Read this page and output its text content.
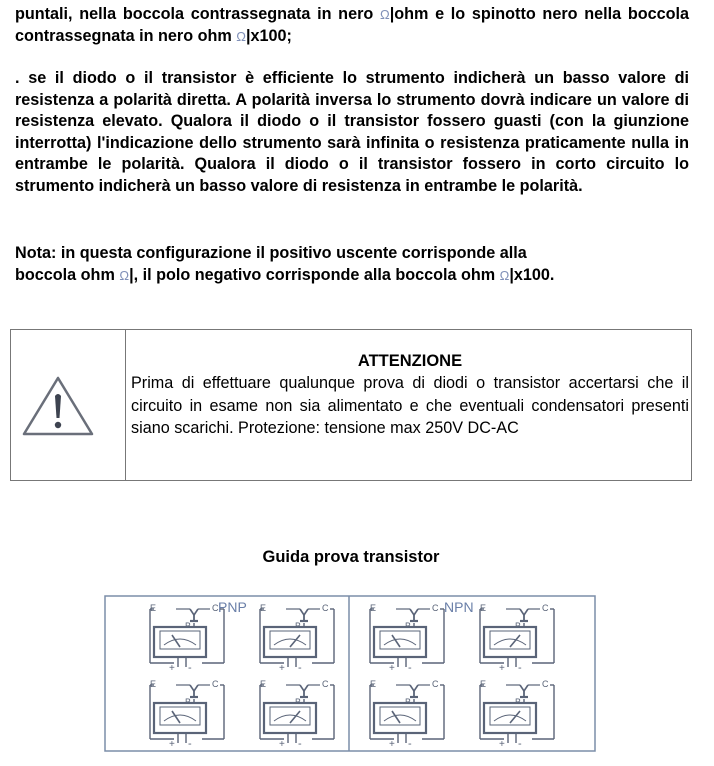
puntali, nella boccola contrassegnata in nero Ω|ohm e lo spinotto nero nella boccola contrassegnata in nero ohm Ω|x100;

. se il diodo o il transistor è efficiente lo strumento indicherà un basso valore di resistenza a polarità diretta. A polarità inversa lo strumento dovrà indicare un valore di resistenza elevato. Qualora il diodo o il transistor fossero guasti (con la giunzione interrotta) l'indicazione dello strumento sarà infinita o resistenza praticamente nulla in entrambe le polarità. Qualora il diodo o il transistor fossero in corto circuito lo strumento indicherà un basso valore di resistenza in entrambe le polarità.

Nota: in questa configurazione il positivo uscente corrisponde alla
boccola ohm Ω|, il polo negativo corrisponde alla boccola ohm Ω|x100.

ATTENZIONE

Prima di effettuare qualunque prova di diodi o transistor accertarsi che il circuito in esame non sia alimentato e che eventuali condensatori presenti siano scarichi. Protezione: tensione max 250V DC-AC

Guida prova transistor
PNP	NPN
E	C
+ -
E	C
+ -
E	C
+ -
E	C
+ -
E	C
+ -
E	C
+ -
E	C
+ -
E	C
+ -
